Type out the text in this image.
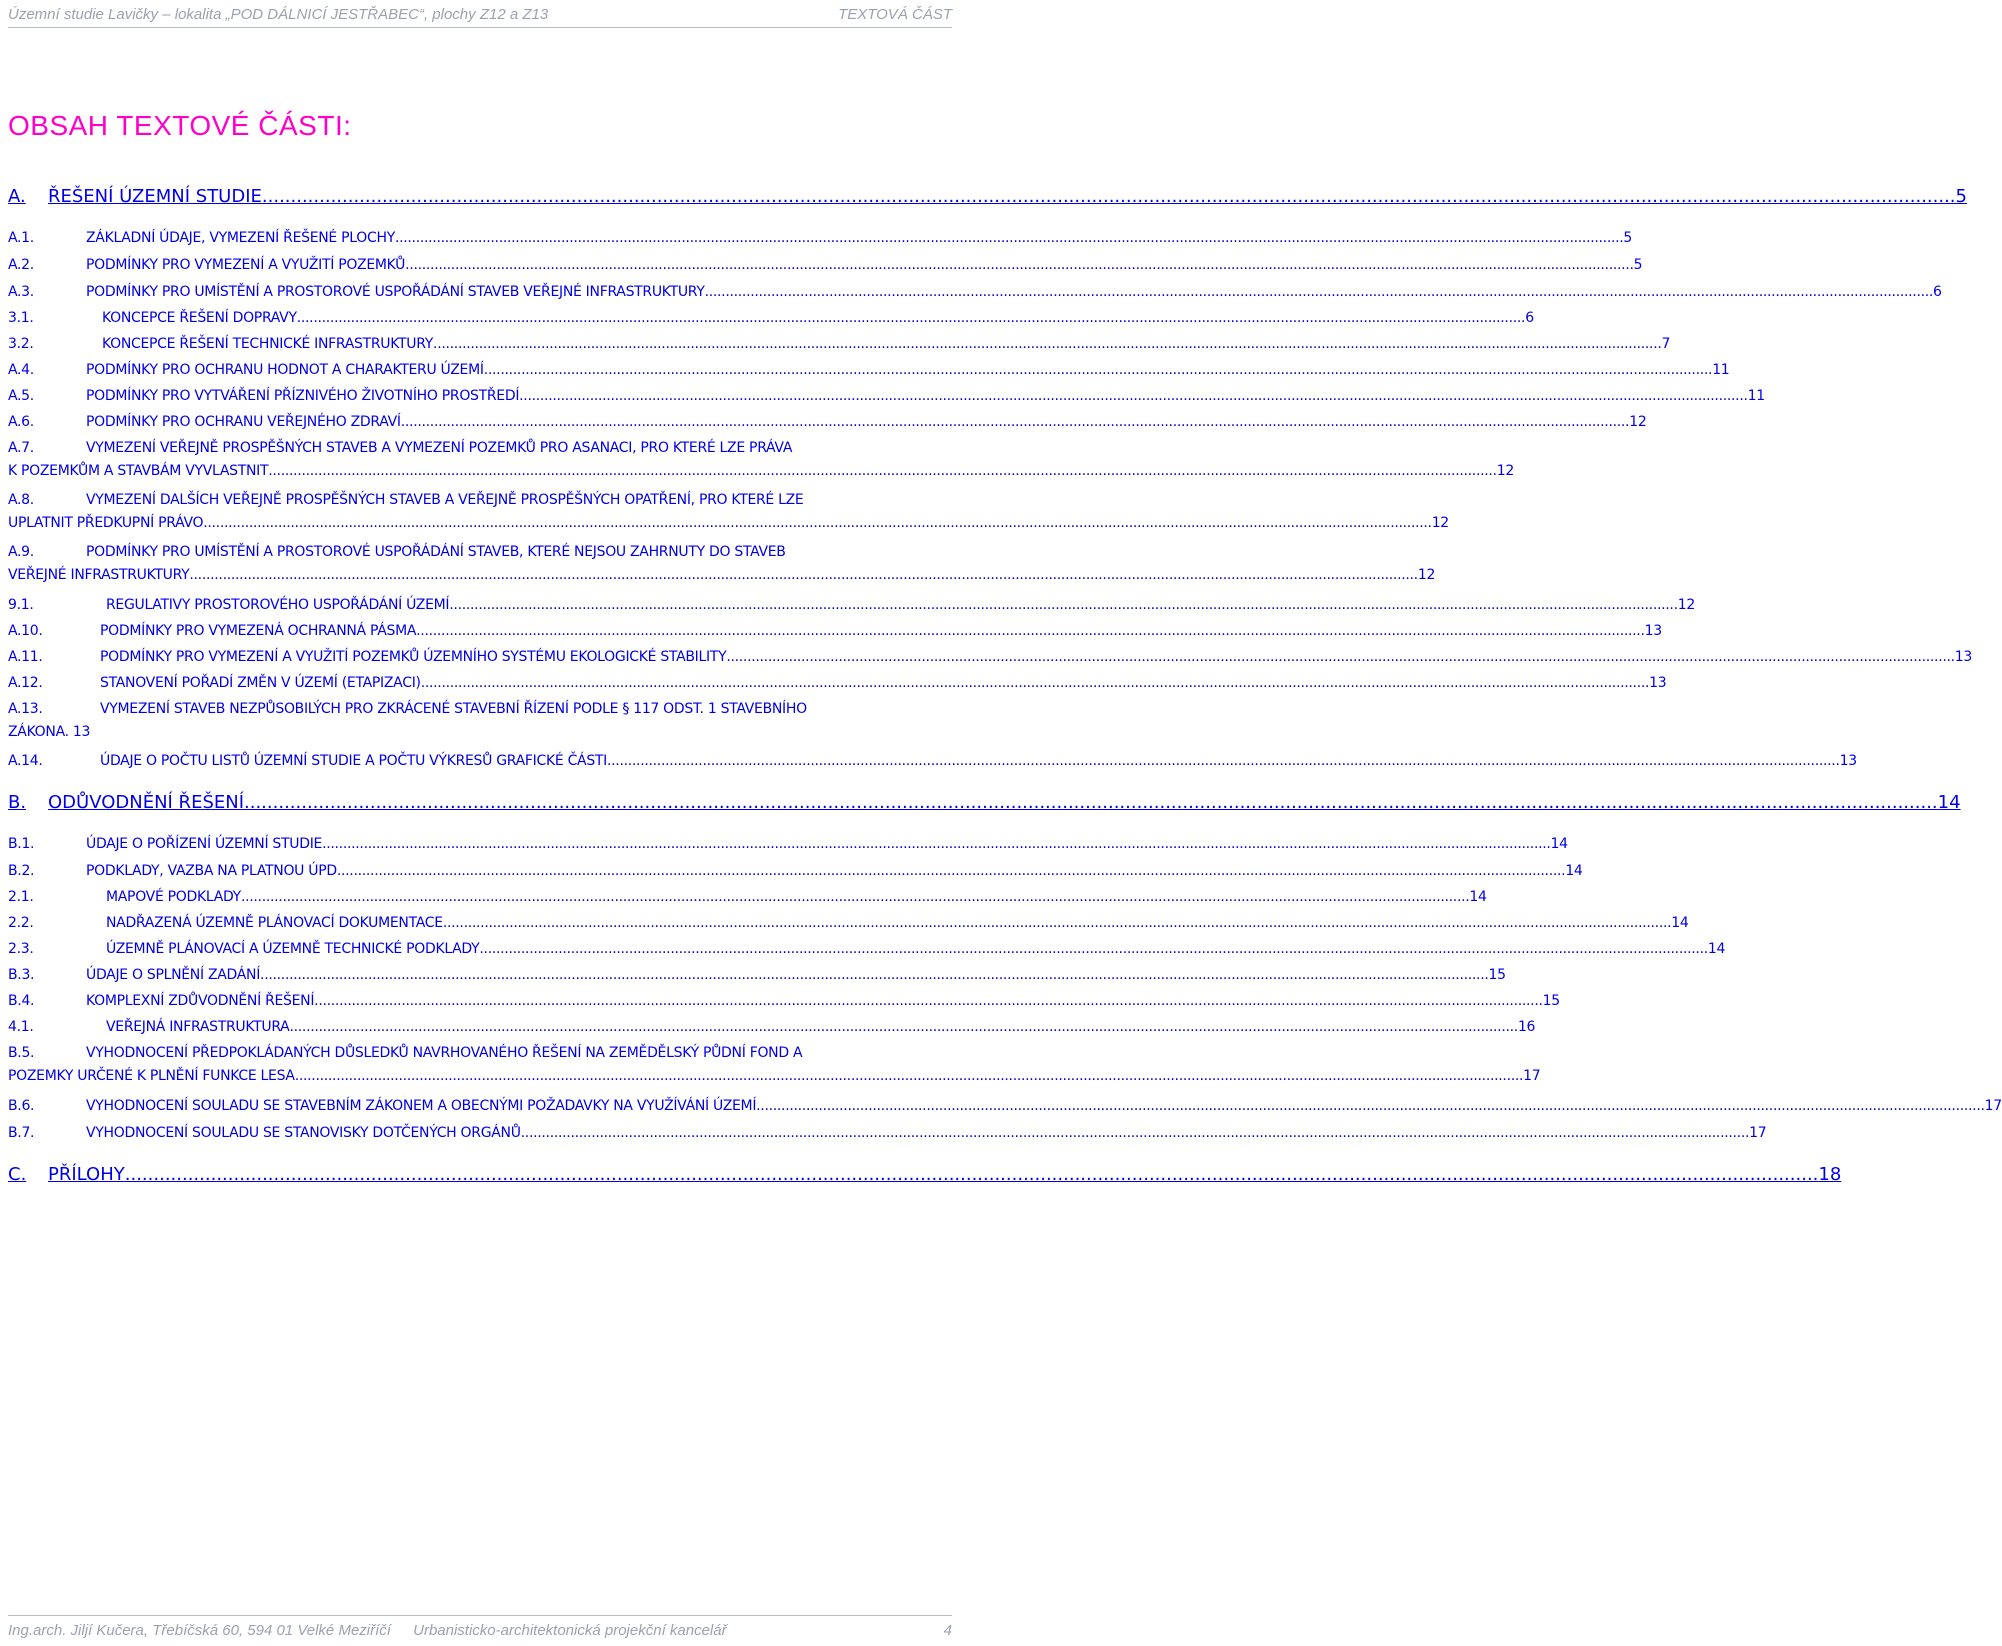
Územní studie Lavičky – lokalita „POD DÁLNICÍ JESTŘABEC“, plochy Z12 a Z13	TEXTOVÁ ČÁST
OBSAH TEXTOVÉ ČÁSTI:
A.	ŘEŠENÍ ÚZEMNÍ STUDIE .....	5
A.1.	ZÁKLADNÍ ÚDAJE, VYMEZENÍ ŘEŠENÉ PLOCHY .....	5
A.2.	PODMÍNKY PRO VYMEZENÍ A VYUŽITÍ POZEMKŮ .....	5
A.3.	PODMÍNKY PRO UMÍSTĚNÍ A PROSTOROVÉ USPOŘÁDÁNÍ STAVEB VEŘEJNÉ INFRASTRUKTURY .....	6
3.1.	KONCEPCE ŘEŠENÍ DOPRAVY .....	6
3.2.	KONCEPCE ŘEŠENÍ TECHNICKÉ INFRASTRUKTURY .....	7
A.4.	PODMÍNKY PRO OCHRANU HODNOT A CHARAKTERU ÚZEMÍ .....	11
A.5.	PODMÍNKY PRO VYTVÁŘENÍ PŘÍZNIVÉHO ŽIVOTNÍHO PROSTŘEDÍ .....	11
A.6.	PODMÍNKY PRO OCHRANU VEŘEJNÉHO ZDRAVÍ .....	12
A.7.	VYMEZENÍ VEŘEJNĚ PROSPĚŠNÝCH STAVEB A VYMEZENÍ POZEMKŮ PRO ASANACI, PRO KTERÉ LZE PRÁVA
K POZEMKŮM A STAVBÁM VYVLASTNIT .....	12
A.8.	VYMEZENÍ DALŠÍCH VEŘEJNĚ PROSPĚŠNÝCH STAVEB A VEŘEJNĚ PROSPĚŠNÝCH OPATŘENÍ, PRO KTERÉ LZE
UPLATNIT PŘEDKUPNÍ PRÁVO .....	12
A.9.	PODMÍNKY PRO UMÍSTĚNÍ A PROSTOROVÉ USPOŘÁDÁNÍ STAVEB, KTERÉ NEJSOU ZAHRNUTY DO STAVEB
VEŘEJNÉ INFRASTRUKTURY .....	12
9.1.	REGULATIVY PROSTOROVÉHO USPOŘÁDÁNÍ ÚZEMÍ .....	12
A.10.	PODMÍNKY PRO VYMEZENÁ OCHRANNÁ PÁSMA .....	13
A.11.	PODMÍNKY PRO VYMEZENÍ A VYUŽITÍ POZEMKŮ ÚZEMNÍHO SYSTÉMU EKOLOGICKÉ STABILITY .....	13
A.12.	STANOVENÍ POŘADÍ ZMĚN V ÚZEMÍ (ETAPIZACI) .....	13
A.13.	VYMEZENÍ STAVEB NEZPŮSOBILÝCH PRO ZKRÁCENÉ STAVEBNÍ ŘÍZENÍ PODLE § 117 ODST. 1 STAVEBNÍHO
ZÁKONA. 13
A.14.	ÚDAJE O POČTU LISTŮ ÚZEMNÍ STUDIE A POČTU VÝKRESŮ GRAFICKÉ ČÁSTI. .....	13
B.	ODŮVODNĚNÍ ŘEŠENÍ .....	14
B.1.	ÚDAJE O POŘÍZENÍ ÚZEMNÍ STUDIE .....	14
B.2.	PODKLADY, VAZBA NA PLATNOU ÚPD .....	14
2.1.	MAPOVÉ PODKLADY .....	14
2.2.	NADŘAZENÁ ÚZEMNĚ PLÁNOVACÍ DOKUMENTACE .....	14
2.3.	ÚZEMNĚ PLÁNOVACÍ A ÚZEMNĚ TECHNICKÉ PODKLADY .....	14
B.3.	ÚDAJE O SPLNĚNÍ ZADÁNÍ .....	15
B.4.	KOMPLEXNÍ ZDŮVODNĚNÍ ŘEŠENÍ .....	15
4.1.	VEŘEJNÁ INFRASTRUKTURA .....	16
B.5.	VYHODNOCENÍ PŘEDPOKLÁDANÝCH DŮSLEDKŮ NAVRHOVANÉHO ŘEŠENÍ NA ZEMĚDĚLSKÝ PŮDNÍ FOND A
POZEMKY URČENÉ K PLNĚNÍ FUNKCE LESA .....	17
B.6.	VYHODNOCENÍ SOULADU SE STAVEBNÍM ZÁKONEM A OBECNÝMI POŽADAVKY NA VYUŽÍVÁNÍ ÚZEMÍ .....	17
B.7.	VYHODNOCENÍ SOULADU SE STANOVISKY DOTČENÝCH ORGÁNŮ .....	17
C.	PŘÍLOHY .....	18
Ing.arch. Jiljí Kučera, Třebíčská 60, 594 01 Velké Meziříčí Urbanisticko-architektonická projekční kancelář	4
